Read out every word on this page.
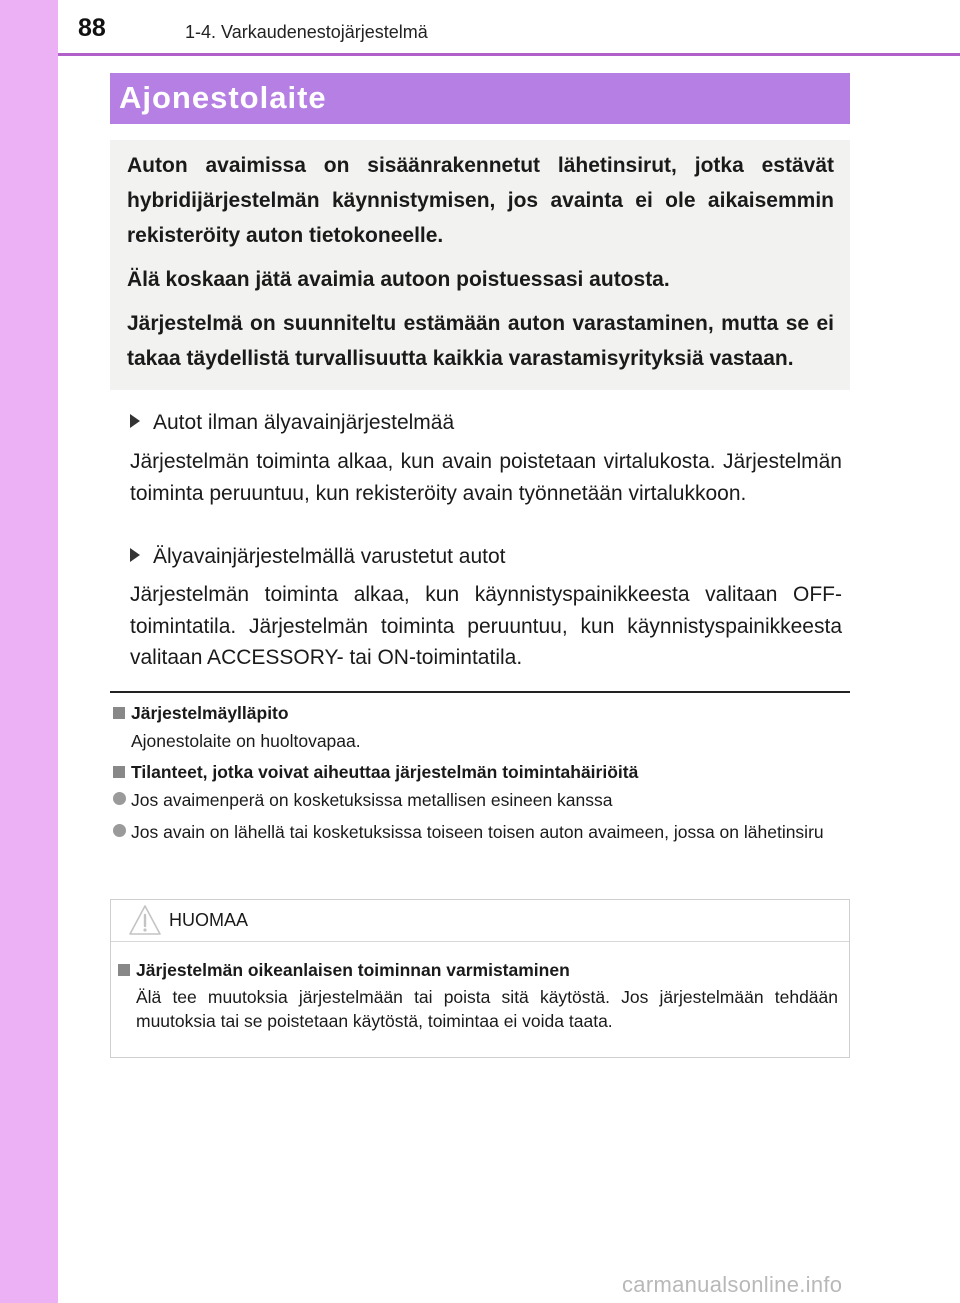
88	1-4. Varkaudenestojärjestelmä
Ajonestolaite

Auton avaimissa on sisäänrakennetut lähetinsirut, jotka estävät hybridijärjestelmän käynnistymisen, jos avainta ei ole aikaisemmin rekisteröity auton tietokoneelle.

Älä koskaan jätä avaimia autoon poistuessasi autosta.

Järjestelmä on suunniteltu estämään auton varastaminen, mutta se ei takaa täydellistä turvallisuutta kaikkia varastamisyrityksiä vastaan.

Autot ilman älyavainjärjestelmää

Järjestelmän toiminta alkaa, kun avain poistetaan virtalukosta. Järjestelmän toiminta peruuntuu, kun rekisteröity avain työnnetään virtalukkoon.

Älyavainjärjestelmällä varustetut autot

Järjestelmän toiminta alkaa, kun käynnistyspainikkeesta valitaan OFF-toimintatila. Järjestelmän toiminta peruuntuu, kun käynnistyspainikkeesta valitaan ACCESSORY- tai ON-toimintatila.

Järjestelmäylläpito
Ajonestolaite on huoltovapaa.
Tilanteet, jotka voivat aiheuttaa järjestelmän toimintahäiriöitä
Jos avaimenperä on kosketuksissa metallisen esineen kanssa
Jos avain on lähellä tai kosketuksissa toiseen toisen auton avaimeen, jossa on lähetinsiru
HUOMAA
Järjestelmän oikeanlaisen toiminnan varmistaminen

Älä tee muutoksia järjestelmään tai poista sitä käytöstä. Jos järjestelmään tehdään muutoksia tai se poistetaan käytöstä, toimintaa ei voida taata.

carmanualsonline.info
